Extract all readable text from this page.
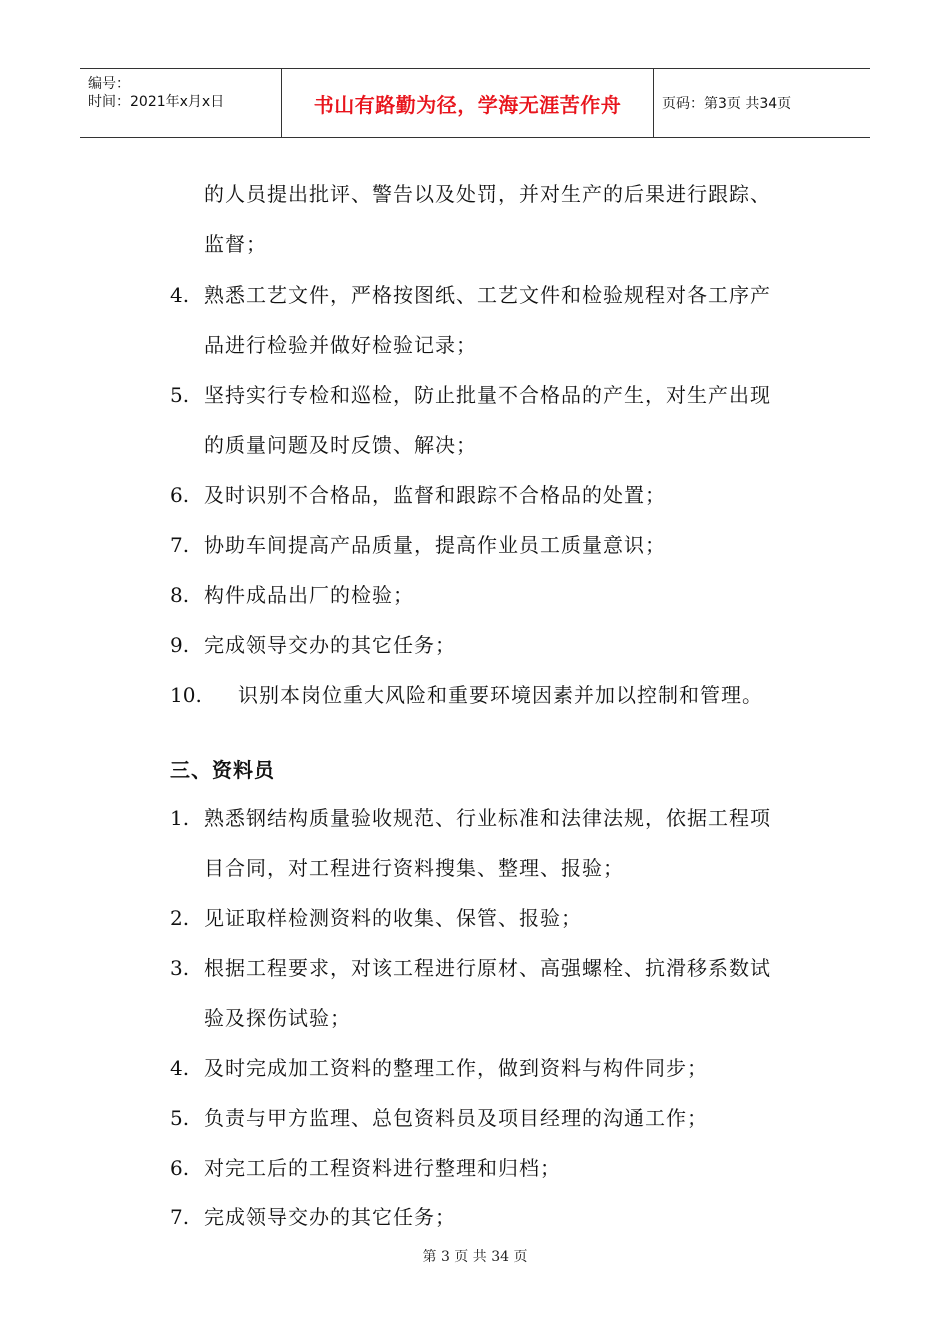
编号：
时间：2021年x月x日	书山有路勤为径，学海无涯苦作舟	页码：第3页 共34页
的人员提出批评、警告以及处罚，并对生产的后果进行跟踪、
监督；
4. 熟悉工艺文件，严格按图纸、工艺文件和检验规程对各工序产
品进行检验并做好检验记录；
5. 坚持实行专检和巡检，防止批量不合格品的产生，对生产出现
的质量问题及时反馈、解决；
6. 及时识别不合格品，监督和跟踪不合格品的处置；
7. 协助车间提高产品质量，提高作业员工质量意识；
8. 构件成品出厂的检验；
9. 完成领导交办的其它任务；
10. 识别本岗位重大风险和重要环境因素并加以控制和管理。
三、资料员
1. 熟悉钢结构质量验收规范、行业标准和法律法规，依据工程项
目合同，对工程进行资料搜集、整理、报验；
2. 见证取样检测资料的收集、保管、报验；
3. 根据工程要求，对该工程进行原材、高强螺栓、抗滑移系数试
验及探伤试验；
4. 及时完成加工资料的整理工作，做到资料与构件同步；
5. 负责与甲方监理、总包资料员及项目经理的沟通工作；
6. 对完工后的工程资料进行整理和归档；
7. 完成领导交办的其它任务；
第 3 页 共 34 页
